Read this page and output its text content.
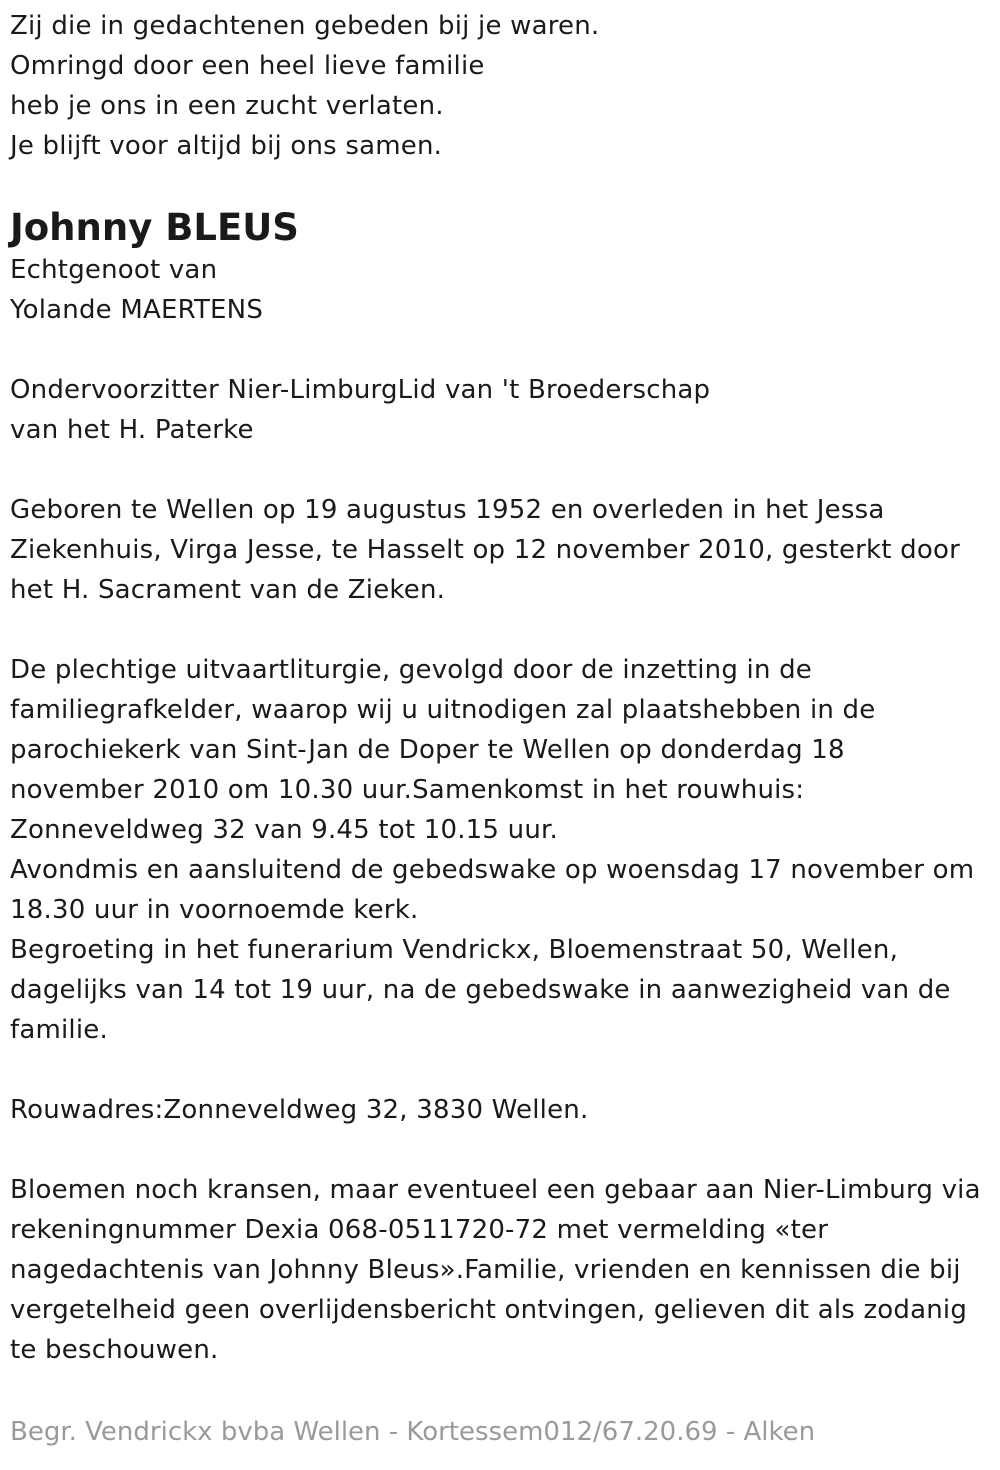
Zij die in gedachtenen gebeden bij je waren.
Omringd door een heel lieve familie
heb je ons in een zucht verlaten.
Je blijft voor altijd bij ons samen.
Johnny BLEUS
Echtgenoot van
Yolande MAERTENS
Ondervoorzitter Nier-LimburgLid van 't Broederschap
van het H. Paterke
Geboren te Wellen op 19 augustus 1952 en overleden in het Jessa
Ziekenhuis, Virga Jesse, te Hasselt op 12 november 2010, gesterkt door
het H. Sacrament van de Zieken.
De plechtige uitvaartliturgie, gevolgd door de inzetting in de
familiegrafkelder, waarop wij u uitnodigen zal plaatshebben in de
parochiekerk van Sint-Jan de Doper te Wellen op donderdag 18
november 2010 om 10.30 uur.Samenkomst in het rouwhuis:
Zonneveldweg 32 van 9.45 tot 10.15 uur.
Avondmis en aansluitend de gebedswake op woensdag 17 november om
18.30 uur in voornoemde kerk.
Begroeting in het funerarium Vendrickx, Bloemenstraat 50, Wellen,
dagelijks van 14 tot 19 uur, na de gebedswake in aanwezigheid van de
familie.
Rouwadres:Zonneveldweg 32, 3830 Wellen.
Bloemen noch kransen, maar eventueel een gebaar aan Nier-Limburg via
rekeningnummer Dexia 068-0511720-72 met vermelding «ter
nagedachtenis van Johnny Bleus».Familie, vrienden en kennissen die bij
vergetelheid geen overlijdensbericht ontvingen, gelieven dit als zodanig
te beschouwen.
Begr. Vendrickx bvba Wellen - Kortessem012/67.20.69 - Alken
